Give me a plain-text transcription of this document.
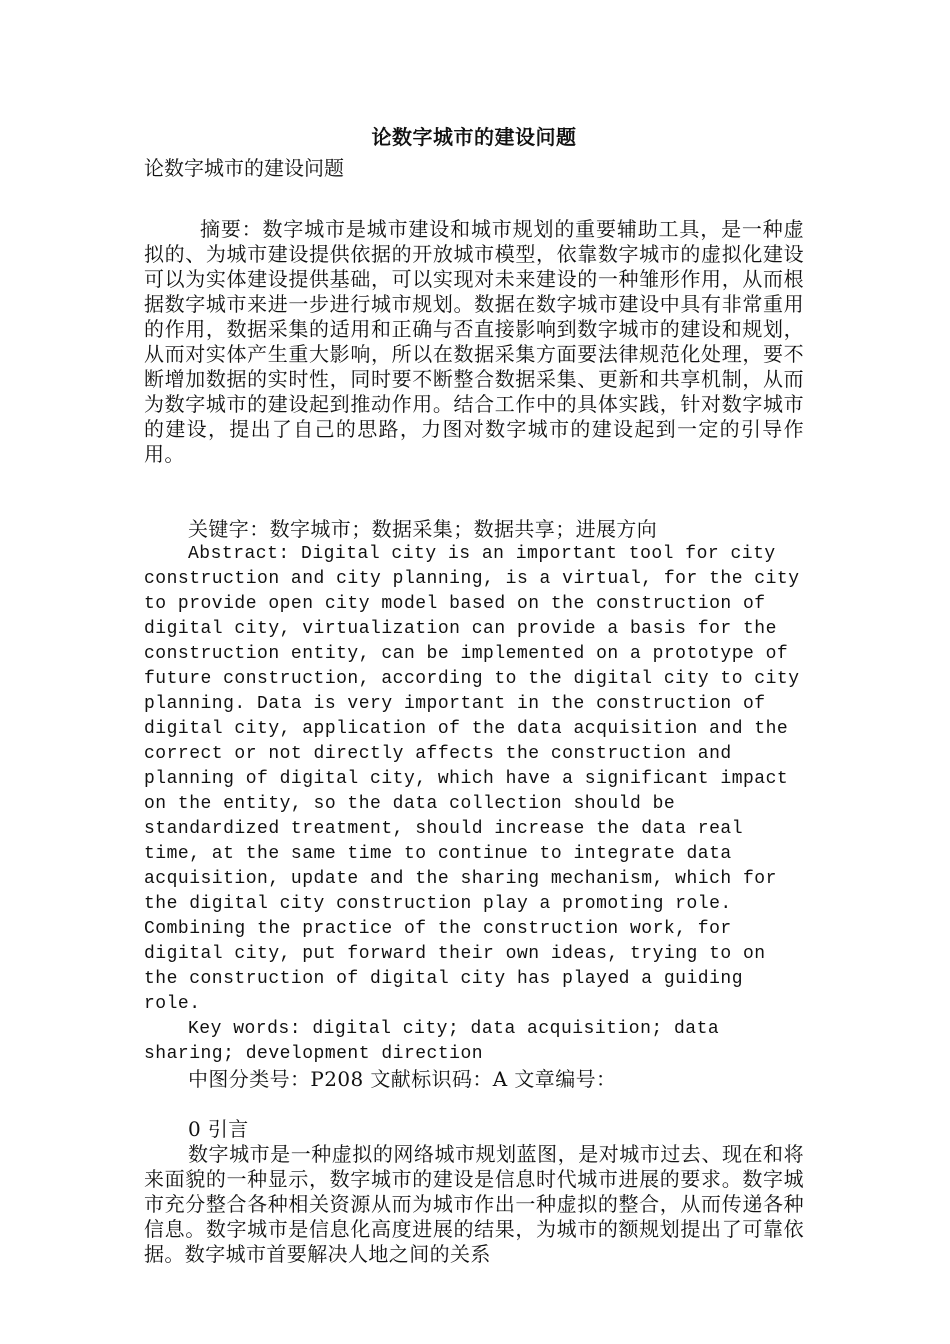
论数字城市的建设问题
论数字城市的建设问题

摘要：数字城市是城市建设和城市规划的重要辅助工具，是一种虚拟的、为城市建设提供依据的开放城市模型，依靠数字城市的虚拟化建设可以为实体建设提供基础，可以实现对未来建设的一种雏形作用，从而根据数字城市来进一步进行城市规划。数据在数字城市建设中具有非常重用的作用，数据采集的适用和正确与否直接影响到数字城市的建设和规划，从而对实体产生重大影响，所以在数据采集方面要法律规范化处理，要不断增加数据的实时性，同时要不断整合数据采集、更新和共享机制，从而为数字城市的建设起到推动作用。结合工作中的具体实践，针对数字城市的建设，提出了自己的思路，力图对数字城市的建设起到一定的引导作用。

关键字：数字城市；数据采集；数据共享；进展方向

Abstract: Digital city is an important tool for city construction and city planning, is a virtual, for the city to provide open city model based on the construction of digital city, virtualization can provide a basis for the construction entity, can be implemented on a prototype of future construction, according to the digital city to city planning. Data is very important in the construction of digital city, application of the data acquisition and the correct or not directly affects the construction and planning of digital city, which have a significant impact on the entity, so the data collection should be standardized treatment, should increase the data real time, at the same time to continue to integrate data acquisition, update and the sharing mechanism, which for the digital city construction play a promoting role. Combining the practice of the construction work, for digital city, put forward their own ideas, trying to on the construction of digital city has played a guiding role.

Key words: digital city; data acquisition; data sharing; development direction

中图分类号：P208 文献标识码：A 文章编号：

0 引言

数字城市是一种虚拟的网络城市规划蓝图，是对城市过去、现在和将来面貌的一种显示，数字城市的建设是信息时代城市进展的要求。数字城市充分整合各种相关资源从而为城市作出一种虚拟的整合，从而传递各种信息。数字城市是信息化高度进展的结果，为城市的额规划提出了可靠依据。数字城市首要解决人地之间的关系
